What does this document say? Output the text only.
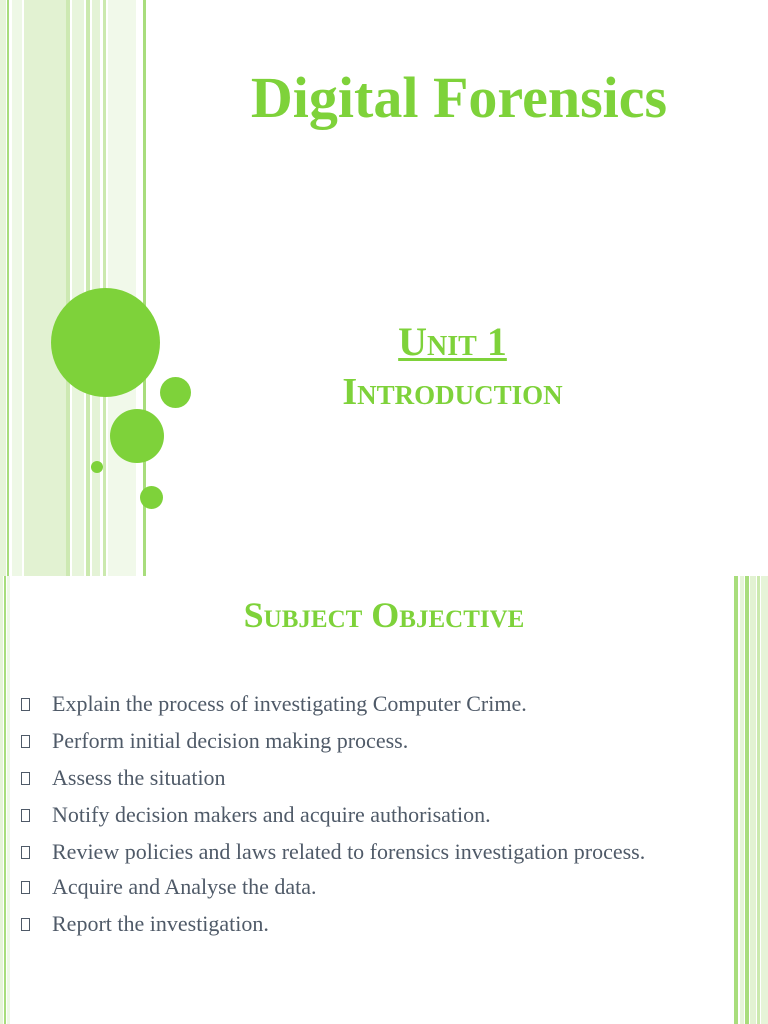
Digital Forensics

Unit 1

Introduction

Subject Objective
Explain the process of investigating Computer Crime.
Perform initial decision making process.
Assess the situation
Notify decision makers and acquire authorisation.
Review policies and laws related to forensics investigation process.
Acquire and Analyse the data.
Report the investigation.
